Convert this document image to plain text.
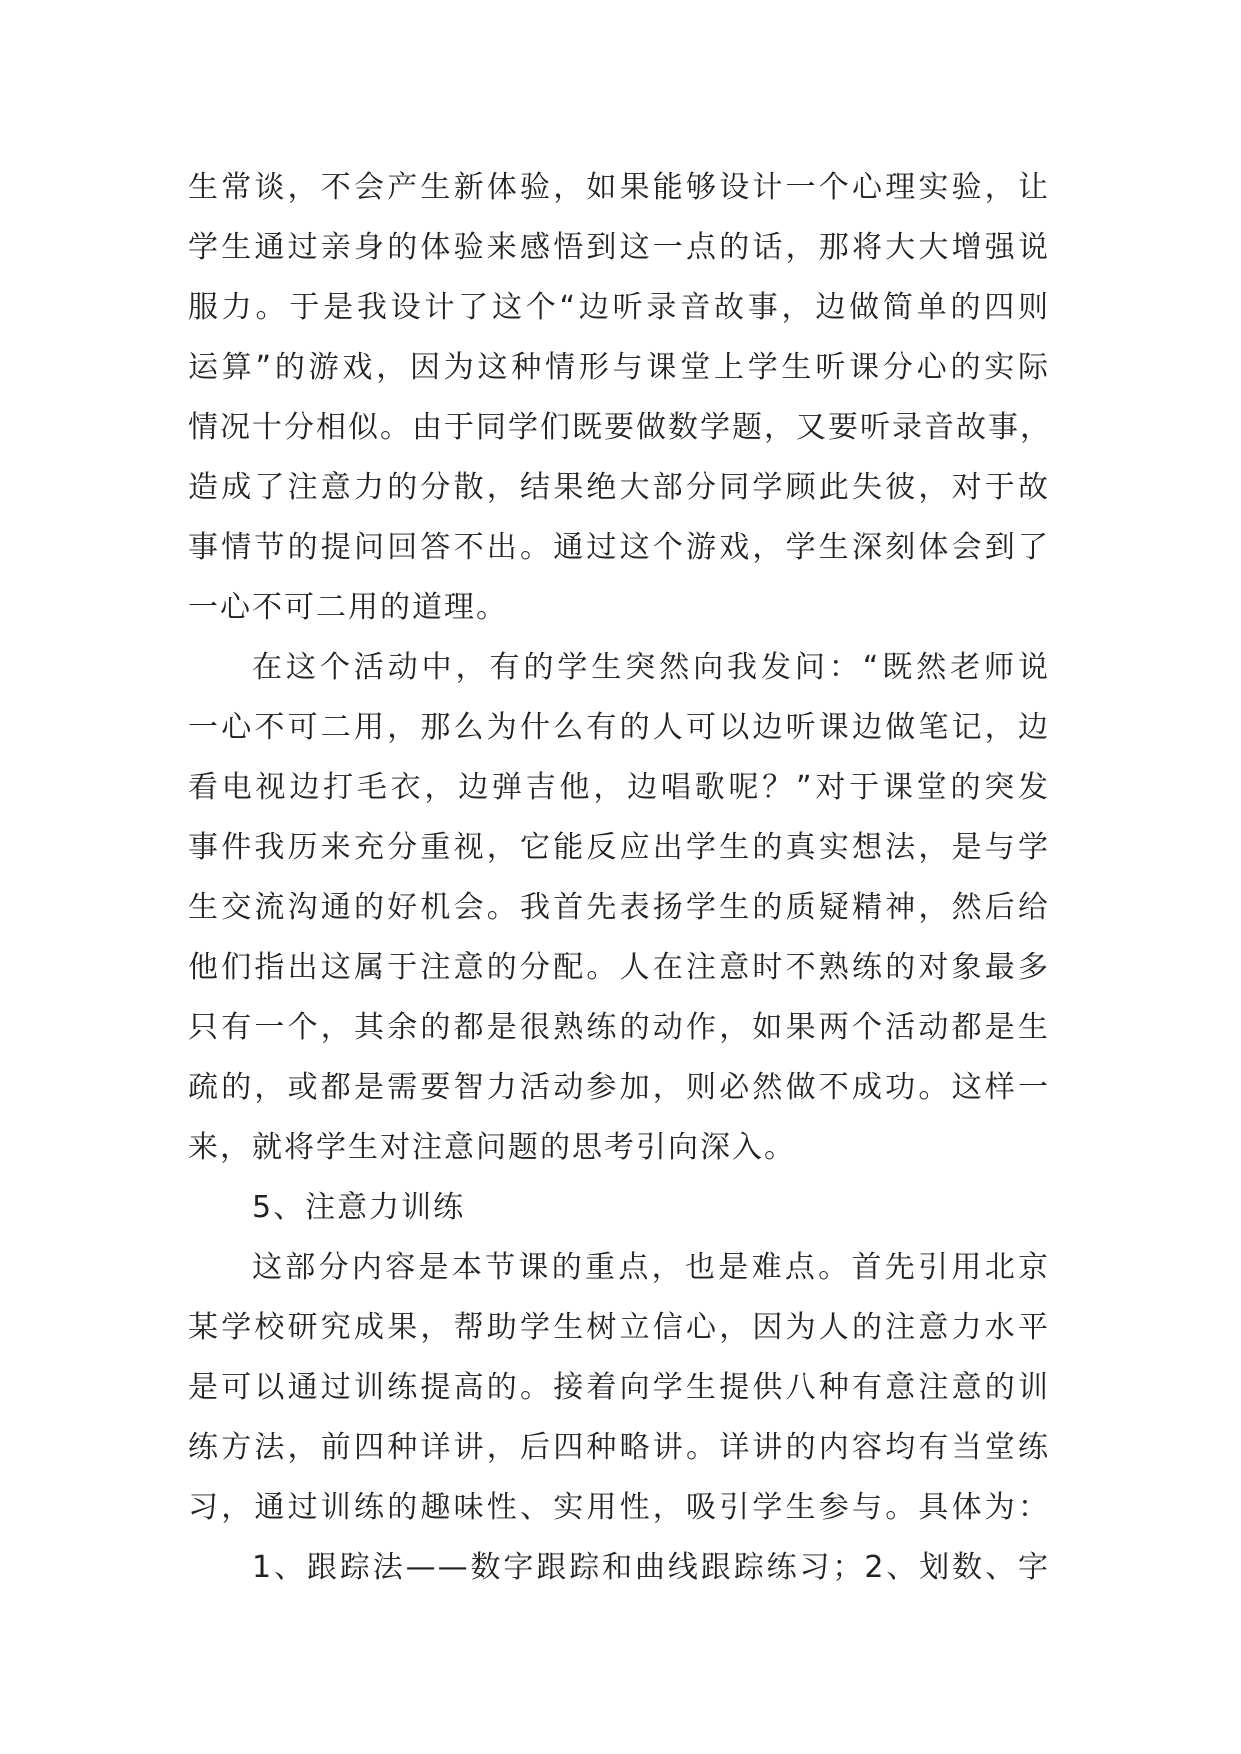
生常谈，不会产生新体验，如果能够设计一个心理实验，让
学生通过亲身的体验来感悟到这一点的话，那将大大增强说
服力。于是我设计了这个“边听录音故事，边做简单的四则
运算”的游戏，因为这种情形与课堂上学生听课分心的实际
情况十分相似。由于同学们既要做数学题，又要听录音故事，
造成了注意力的分散，结果绝大部分同学顾此失彼，对于故
事情节的提问回答不出。通过这个游戏，学生深刻体会到了
一心不可二用的道理。
在这个活动中，有的学生突然向我发问：“既然老师说
一心不可二用，那么为什么有的人可以边听课边做笔记，边
看电视边打毛衣，边弹吉他，边唱歌呢？”对于课堂的突发
事件我历来充分重视，它能反应出学生的真实想法，是与学
生交流沟通的好机会。我首先表扬学生的质疑精神，然后给
他们指出这属于注意的分配。人在注意时不熟练的对象最多
只有一个，其余的都是很熟练的动作，如果两个活动都是生
疏的，或都是需要智力活动参加，则必然做不成功。这样一
来，就将学生对注意问题的思考引向深入。
5、注意力训练
这部分内容是本节课的重点，也是难点。首先引用北京
某学校研究成果，帮助学生树立信心，因为人的注意力水平
是可以通过训练提高的。接着向学生提供八种有意注意的训
练方法，前四种详讲，后四种略讲。详讲的内容均有当堂练
习，通过训练的趣味性、实用性，吸引学生参与。具体为：
1、跟踪法——数字跟踪和曲线跟踪练习；2、划数、字
